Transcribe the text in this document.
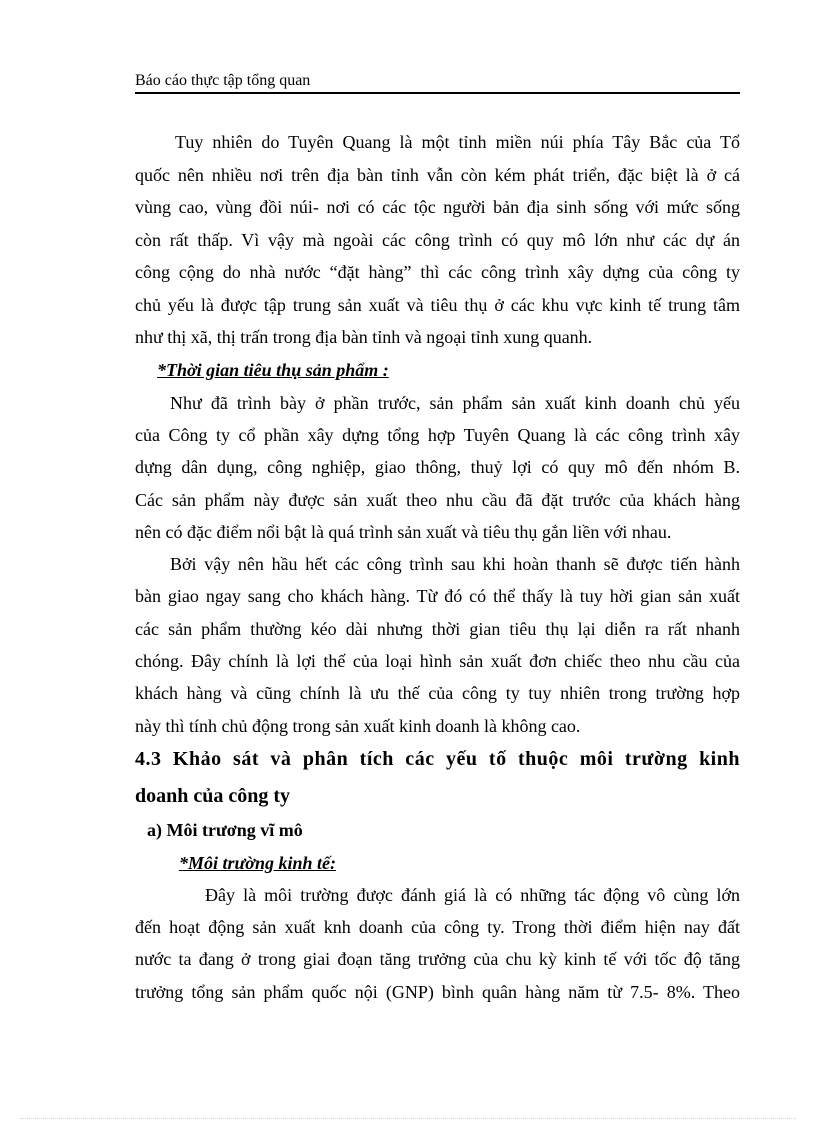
Báo cáo thực tập tổng quan
Tuy nhiên do Tuyên Quang là một tỉnh miền núi phía Tây Bắc của Tổ
quốc nên nhiều nơi trên địa bàn tỉnh vẫn còn kém phát triển, đặc biệt là ở cá
vùng cao, vùng đồi núi- nơi có các tộc người bản địa sinh sống với mức sống
còn rất thấp. Vì vậy mà ngoài các công trình có quy mô lớn như các dự án
công cộng do nhà nước “đặt hàng” thì các công trình xây dựng của công ty
chủ yếu là được tập trung sản xuất và tiêu thụ ở các khu vực kinh tế trung tâm
như thị xã, thị trấn trong địa bàn tỉnh và ngoại tỉnh xung quanh.
*Thời gian tiêu thụ sản phẩm :
Như đã trình bày ở phần trước, sản phẩm sản xuất kinh doanh chủ yếu
của Công ty cổ phần xây dựng tổng hợp Tuyên Quang là các công trình xây
dựng dân dụng, công nghiệp, giao thông, thuỷ lợi có quy mô đến nhóm B.
Các sản phẩm này được sản xuất theo nhu cầu đã đặt trước của khách hàng
nên có đặc điểm nổi bật là quá trình sản xuất và tiêu thụ gắn liền với nhau.
Bởi vậy nên hầu hết các công trình sau khi hoàn thanh sẽ được tiến hành
bàn giao ngay sang cho khách hàng. Từ đó có thể thấy là tuy hời gian sản xuất
các sản phẩm thường kéo dài nhưng thời gian tiêu thụ lại diễn ra rất nhanh
chóng. Đây chính là lợi thế của loại hình sản xuất đơn chiếc theo nhu cầu của
khách hàng và cũng chính là ưu thế của công ty tuy nhiên trong trường hợp
này thì tính chủ động trong sản xuất kinh doanh là không cao.
4.3 Khảo sát và phân tích các yếu tố thuộc môi trường kinh
doanh của công ty
a) Môi trương vĩ mô
*Môi trường kinh tế:
Đây là môi trường được đánh giá là có những tác động vô cùng lớn
đến hoạt động sản xuất knh doanh của công ty. Trong thời điểm hiện nay đất
nước ta đang ở trong giai đoạn tăng trưởng của chu kỳ kinh tế với tốc độ tăng
trưởng tổng sản phẩm quốc nội (GNP) bình quân hàng năm từ 7.5- 8%. Theo
